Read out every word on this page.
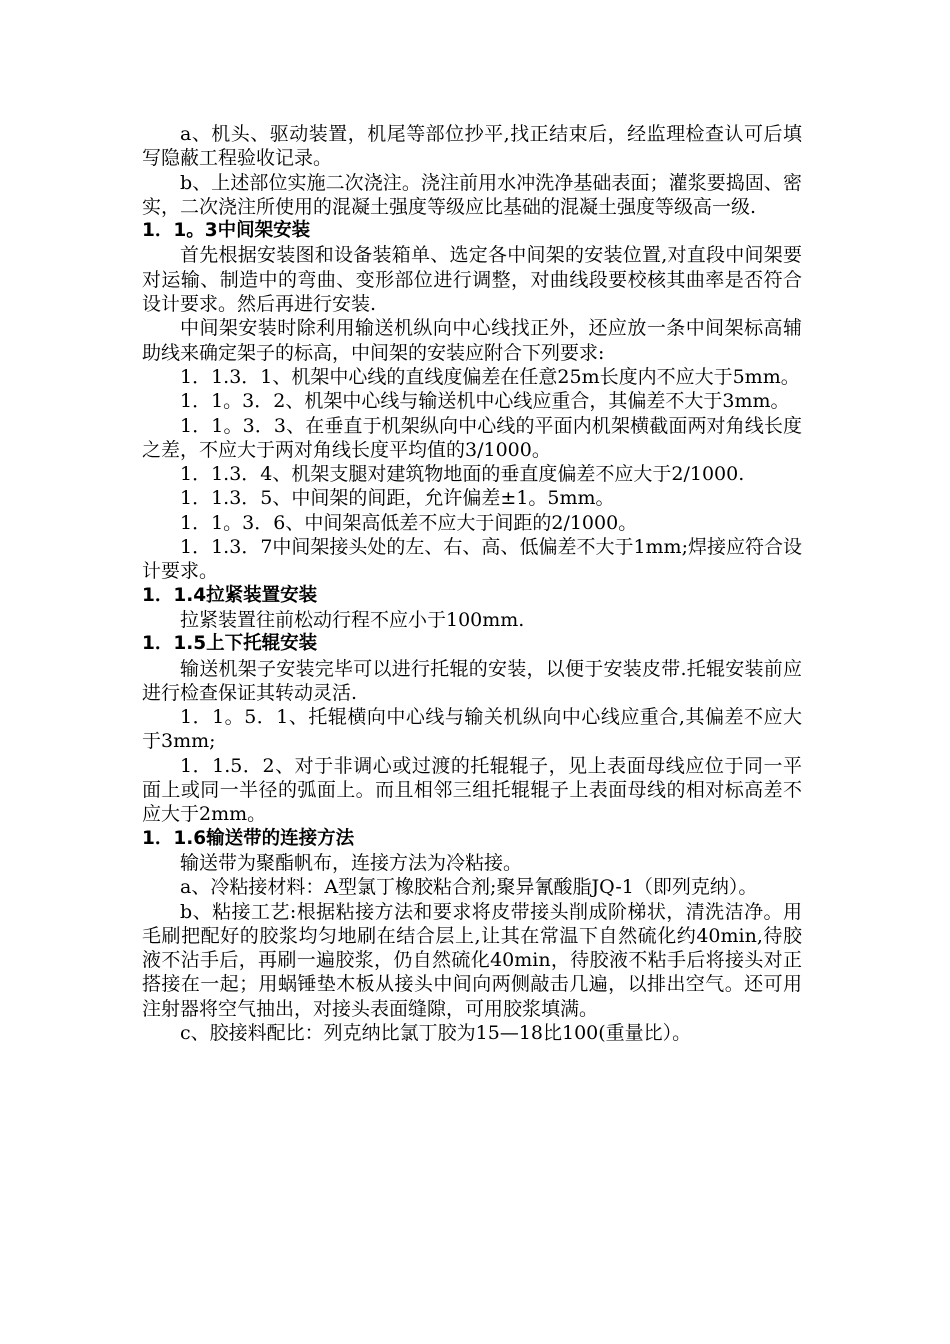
a、机头、驱动装置，机尾等部位抄平,找正结束后，经监理检查认可后填写隐蔽工程验收记录。

b、上述部位实施二次浇注。浇注前用水冲洗净基础表面；灌浆要捣固、密实，二次浇注所使用的混凝土强度等级应比基础的混凝土强度等级高一级.

1．1。3中间架安装

首先根据安装图和设备装箱单、选定各中间架的安装位置,对直段中间架要对运输、制造中的弯曲、变形部位进行调整，对曲线段要校核其曲率是否符合设计要求。然后再进行安装.

中间架安装时除利用输送机纵向中心线找正外，还应放一条中间架标高辅助线来确定架子的标高，中间架的安装应附合下列要求:

1．1.3．1、机架中心线的直线度偏差在任意25m长度内不应大于5mm。

1．1。3．2、机架中心线与输送机中心线应重合，其偏差不大于3mm。

1．1。3．3、在垂直于机架纵向中心线的平面内机架横截面两对角线长度之差，不应大于两对角线长度平均值的3/1000。

1．1.3．4、机架支腿对建筑物地面的垂直度偏差不应大于2/1000.

1．1.3．5、中间架的间距，允许偏差±1。5mm。

1．1。3．6、中间架高低差不应大于间距的2/1000。

1．1.3．7中间架接头处的左、右、高、低偏差不大于1mm;焊接应符合设计要求。

1．1.4拉紧装置安装

拉紧装置往前松动行程不应小于100mm.

1．1.5上下托辊安装

输送机架子安装完毕可以进行托辊的安装，以便于安装皮带.托辊安装前应进行检查保证其转动灵活.

1．1。5．1、托辊横向中心线与输关机纵向中心线应重合,其偏差不应大于3mm;

1．1.5．2、对于非调心或过渡的托辊辊子，见上表面母线应位于同一平面上或同一半径的弧面上。而且相邻三组托辊辊子上表面母线的相对标高差不应大于2mm。

1．1.6输送带的连接方法

输送带为聚酯帆布，连接方法为冷粘接。

a、冷粘接材料：A型氯丁橡胶粘合剂;聚异氰酸脂JQ-1（即列克纳）。

b、粘接工艺:根据粘接方法和要求将皮带接头削成阶梯状，清洗洁净。用毛刷把配好的胶浆均匀地刷在结合层上,让其在常温下自然硫化约40min,待胶液不沾手后，再刷一遍胶浆，仍自然硫化40min，待胶液不粘手后将接头对正搭接在一起；用蜗锤垫木板从接头中间向两侧敲击几遍，以排出空气。还可用注射器将空气抽出，对接头表面缝隙，可用胶浆填满。

c、胶接料配比：列克纳比氯丁胶为15—18比100(重量比）。
